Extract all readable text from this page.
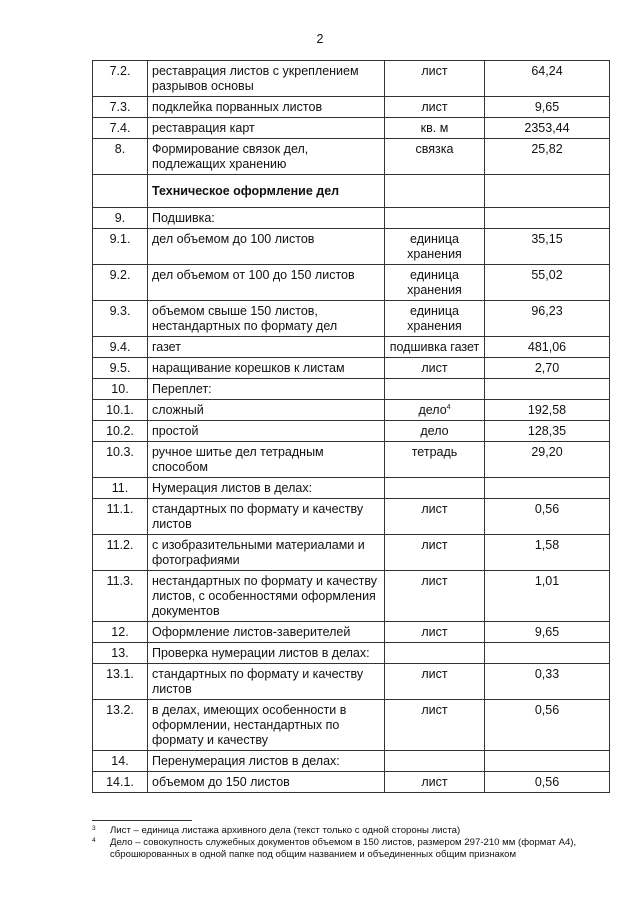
2
7.2.	реставрация листов с укреплением разрывов основы	лист	64,24
7.3.	подклейка порванных листов	лист	9,65
7.4.	реставрация карт	кв. м	2353,44
8.	Формирование связок дел, подлежащих хранению	связка	25,82
	Техническое оформление дел		
9.	Подшивка:		
9.1.	дел объемом до 100 листов	единица хранения	35,15
9.2.	дел объемом от 100 до 150 листов	единица хранения	55,02
9.3.	объемом свыше 150 листов, нестандартных по формату дел	единица хранения	96,23
9.4.	газет	подшивка газет	481,06
9.5.	наращивание корешков к листам	лист	2,70
10.	Переплет:		
10.1.	сложный	дело$^4$	192,58
10.2.	простой	дело	128,35
10.3.	ручное шитье дел тетрадным способом	тетрадь	29,20
11.	Нумерация листов в делах:		
11.1.	стандартных по формату и качеству листов	лист	0,56
11.2.	с изобразительными материалами и фотографиями	лист	1,58
11.3.	нестандартных по формату и качеству листов, с особенностями оформления документов	лист	1,01
12.	Оформление листов-заверителей	лист	9,65
13.	Проверка нумерации листов в делах:		
13.1.	стандартных по формату и качеству листов	лист	0,33
13.2.	в делах, имеющих особенности в оформлении, нестандартных по формату и качеству	лист	0,56
14.	Перенумерация листов в делах:		
14.1.	объемом до 150 листов	лист	0,56

3 Лист – единица листажа архивного дела (текст только с одной стороны листа)

4 Дело – совокупность служебных документов объемом в 150 листов, размером 297-210 мм (формат А4), сброшюрованных в одной папке под общим названием и объединенных общим признаком
